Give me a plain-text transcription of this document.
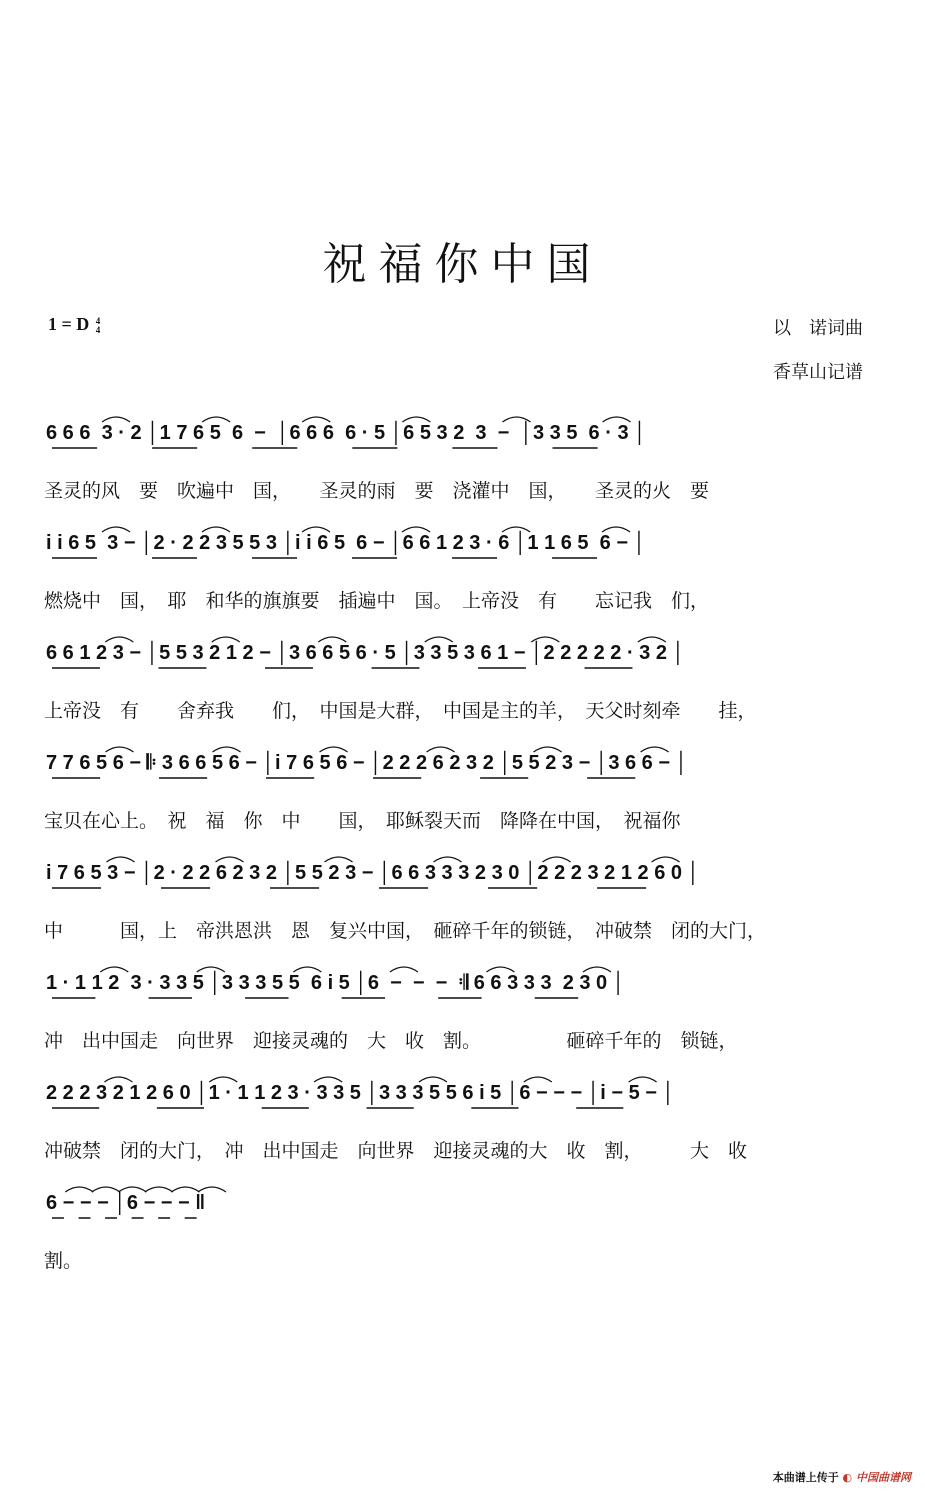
祝福你中国
1 = D 4
4	以　诺词曲
香草山记谱
6 6 6  3 · 2 │1 7 6 5  6  −  │6 6 6  6 · 5 │6 5 3 2  3  −  │3 3 5  6 · 3 │
圣灵的风　要　吹遍中　国，　　圣灵的雨　要　浇灌中　国，　　圣灵的火　要
i i 6 5  3 − │2 · 2 2 3 5 5 3 │i i 6 5  6 − │6 6 1 2 3 · 6 │1 1 6 5  6 − │
燃烧中　国，　耶　和华的旗旗要　插遍中　国。　上帝没　有　　忘记我　们，
6 6 1 2 3 − │5 5 3 2 1 2 − │3 6 6 5 6 · 5 │3 3 5 3 6 1 − │2 2 2 2 2 · 3 2 │
上帝没　有　　舍弃我　　们，　中国是大群，　中国是主的羊，　天父时刻牵　　挂，
7 7 6 5 6 − 𝄆 3 6 6 5 6 − │i 7 6 5 6 − │2 2 2 6 2 3 2 │5 5 2 3 − │3 6 6 − │
宝贝在心上。　祝　福　你　中　　国，　耶稣裂天而　降降在中国，　祝福你
i 7 6 5 3 − │2 · 2 2 6 2 3 2 │5 5 2 3 − │6 6 3 3 3 2 3 0 │2 2 2 3 2 1 2 6 0 │
中　　　国，上　帝洪恩洪　恩　复兴中国，　砸碎千年的锁链，　冲破禁　闭的大门，
1 · 1 1 2  3 · 3 3 5 │3 3 3 5 5  6 i 5 │6  −  −  −  𝄇 6 6 3 3 3  2 3 0 │
冲　出中国走　向世界　迎接灵魂的　大　收　割。　　　　　砸碎千年的　锁链，
2 2 2 3 2 1 2 6 0 │1 · 1 1 2 3 · 3 3 5 │3 3 3 5 5 6 i 5 │6 − − − │i − 5 − │
冲破禁　闭的大门，　冲　出中国走　向世界　迎接灵魂的大　收　割，　　　大　收
6 − − − │6 − − − ‖
割。
本曲谱上传于 ◐ 中国曲谱网
